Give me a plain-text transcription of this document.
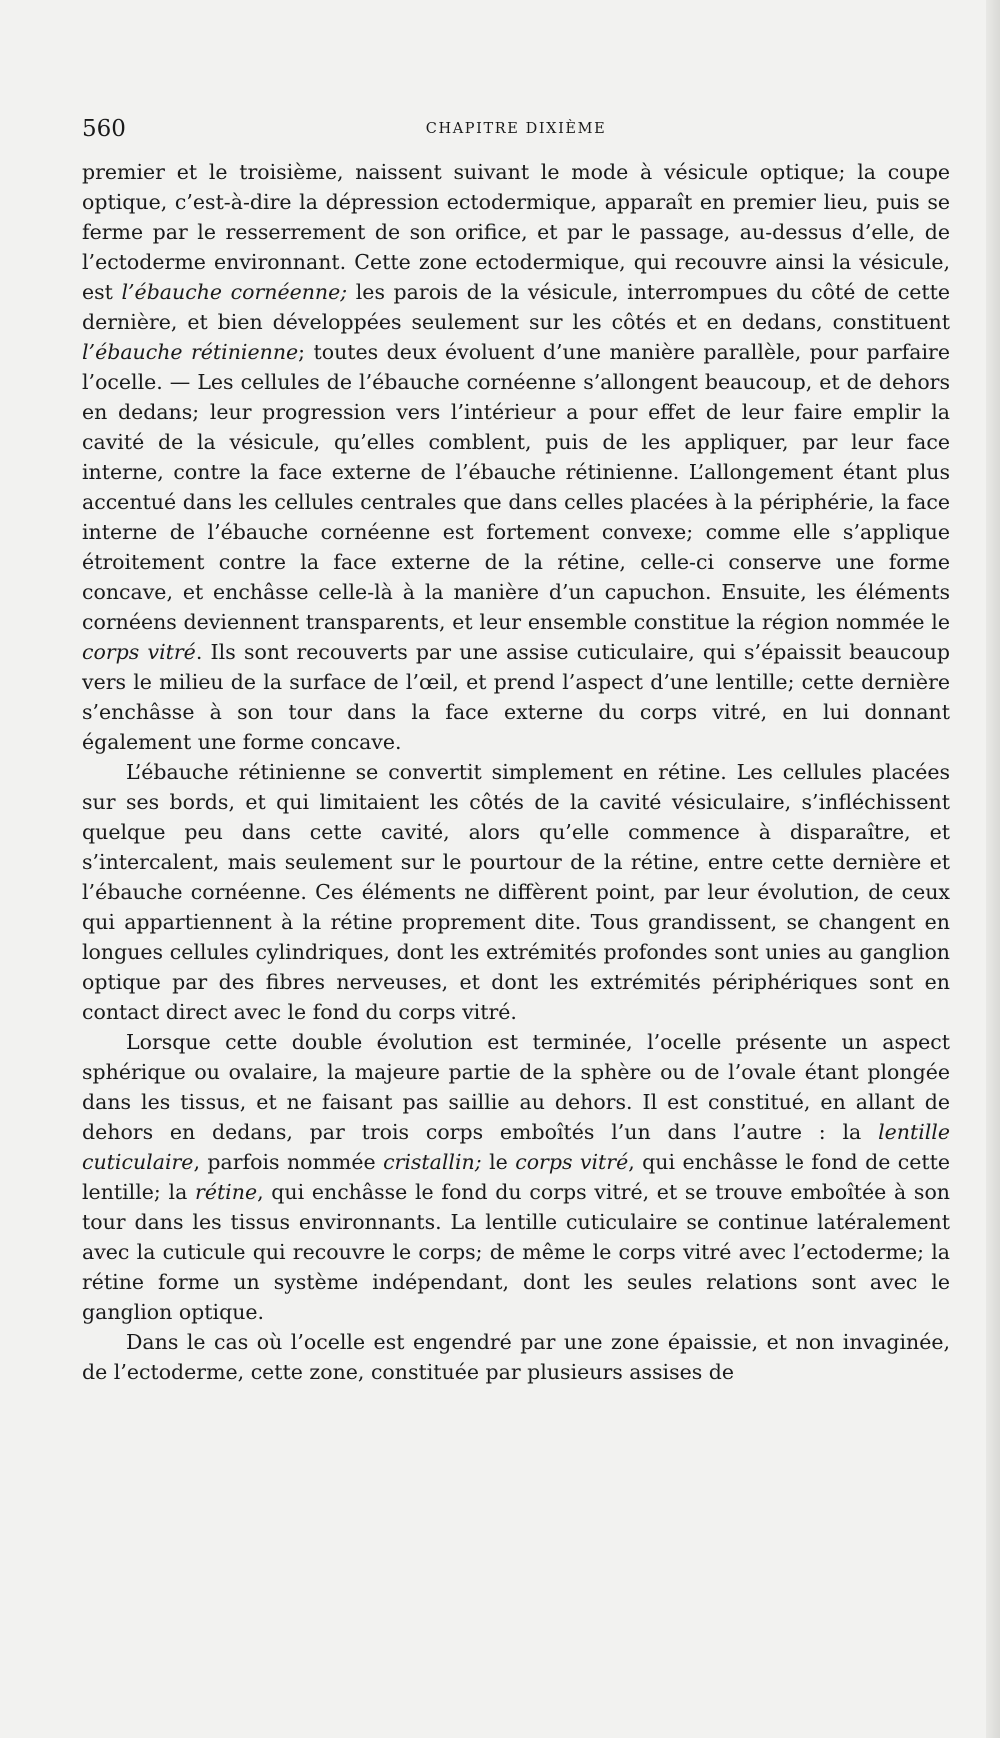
560	CHAPITRE DIXIÈME

premier et le troisième, naissent suivant le mode à vésicule optique; la coupe optique, c’est-à-dire la dépression ectodermique, apparaît en premier lieu, puis se ferme par le resserrement de son orifice, et par le passage, au-dessus d’elle, de l’ectoderme environnant. Cette zone ectodermique, qui recouvre ainsi la vésicule, est l’ébauche cornéenne; les parois de la vésicule, interrompues du côté de cette dernière, et bien développées seulement sur les côtés et en dedans, constituent l’ébauche rétinienne; toutes deux évoluent d’une manière parallèle, pour parfaire l’ocelle. — Les cellules de l’ébauche cornéenne s’allongent beaucoup, et de dehors en dedans; leur progression vers l’intérieur a pour effet de leur faire emplir la cavité de la vésicule, qu’elles comblent, puis de les appliquer, par leur face interne, contre la face externe de l’ébauche rétinienne. L’allongement étant plus accentué dans les cellules centrales que dans celles placées à la périphérie, la face interne de l’ébauche cornéenne est fortement convexe; comme elle s’applique étroitement contre la face externe de la rétine, celle-ci conserve une forme concave, et enchâsse celle-là à la manière d’un capuchon. Ensuite, les éléments cornéens deviennent transparents, et leur ensemble constitue la région nommée le corps vitré. Ils sont recouverts par une assise cuticulaire, qui s’épaissit beaucoup vers le milieu de la surface de l’œil, et prend l’aspect d’une lentille; cette dernière s’enchâsse à son tour dans la face externe du corps vitré, en lui donnant également une forme concave.

L’ébauche rétinienne se convertit simplement en rétine. Les cellules placées sur ses bords, et qui limitaient les côtés de la cavité vésiculaire, s’infléchissent quelque peu dans cette cavité, alors qu’elle commence à disparaître, et s’intercalent, mais seulement sur le pourtour de la rétine, entre cette dernière et l’ébauche cornéenne. Ces éléments ne diffèrent point, par leur évolution, de ceux qui appartiennent à la rétine proprement dite. Tous grandissent, se changent en longues cellules cylindriques, dont les extrémités profondes sont unies au ganglion optique par des fibres nerveuses, et dont les extrémités périphériques sont en contact direct avec le fond du corps vitré.

Lorsque cette double évolution est terminée, l’ocelle présente un aspect sphérique ou ovalaire, la majeure partie de la sphère ou de l’ovale étant plongée dans les tissus, et ne faisant pas saillie au dehors. Il est constitué, en allant de dehors en dedans, par trois corps emboîtés l’un dans l’autre : la lentille cuticulaire, parfois nommée cristallin; le corps vitré, qui enchâsse le fond de cette lentille; la rétine, qui enchâsse le fond du corps vitré, et se trouve emboîtée à son tour dans les tissus environnants. La lentille cuticulaire se continue latéralement avec la cuticule qui recouvre le corps; de même le corps vitré avec l’ectoderme; la rétine forme un système indépendant, dont les seules relations sont avec le ganglion optique.

Dans le cas où l’ocelle est engendré par une zone épaissie, et non invaginée, de l’ectoderme, cette zone, constituée par plusieurs assises de
